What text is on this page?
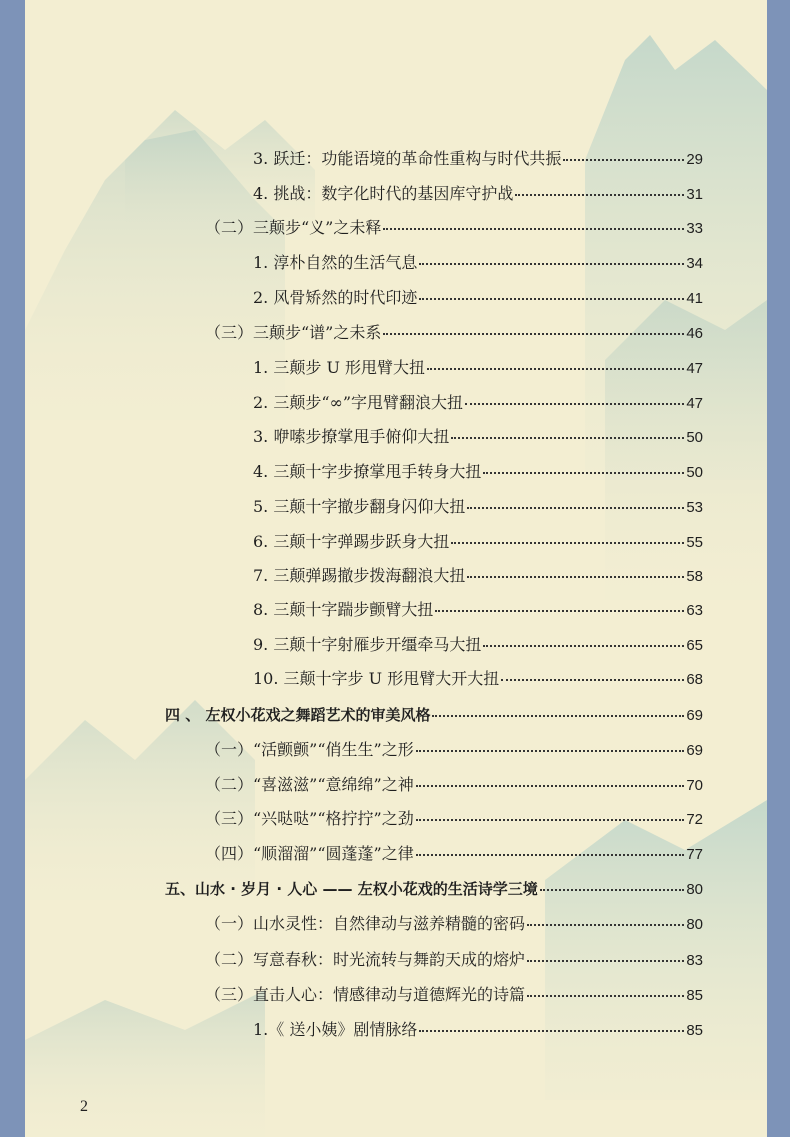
3. 跃迁：功能语境的革命性重构与时代共振	29
4. 挑战：数字化时代的基因库守护战	31
（二）三颠步“义”之未释	33
1. 淳朴自然的生活气息	34
2. 风骨矫然的时代印迹	41
（三）三颠步“谱”之未系	46
1. 三颠步 U 形甩臂大扭	47
2. 三颠步“∞”字甩臂翻浪大扭	47
3. 咿嗦步撩掌甩手俯仰大扭	50
4. 三颠十字步撩掌甩手转身大扭	50
5. 三颠十字撤步翻身闪仰大扭	53
6. 三颠十字弹踢步跃身大扭	55
7. 三颠弹踢撤步拨海翻浪大扭	58
8. 三颠十字踹步颤臂大扭	63
9. 三颠十字射雁步开缰牵马大扭	65
10. 三颠十字步 U 形甩臂大开大扭	68
四 、 左权小花戏之舞蹈艺术的审美风格	69
（一）“活颤颤”“俏生生”之形	69
（二）“喜滋滋”“意绵绵”之神	70
（三）“兴哒哒”“格拧拧”之劲	72
（四）“顺溜溜”“圆蓬蓬”之律	77
五、山水 · 岁月 · 人心 —— 左权小花戏的生活诗学三境	80
（一）山水灵性：自然律动与滋养精髓的密码	80
（二）写意春秋：时光流转与舞韵天成的熔炉	83
（三）直击人心：情感律动与道德辉光的诗篇	85
1.《 送小姨》剧情脉络	85
2
